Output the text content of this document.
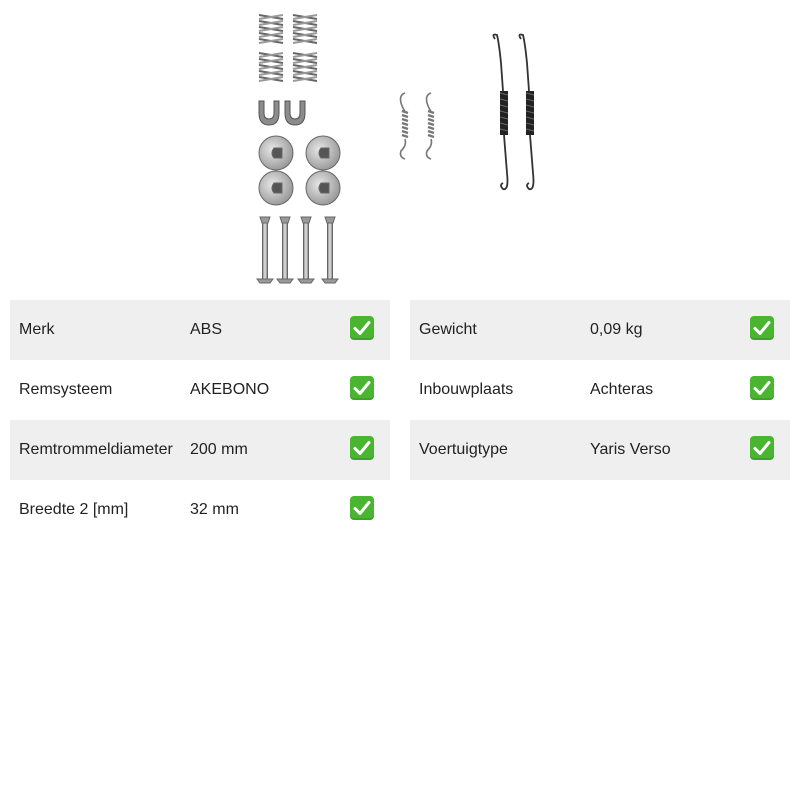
Merk	ABS
Remsysteem	AKEBONO
Remtrommeldiameter 200 mm
Breedte 2 [mm]	32 mm
Gewicht	0,09 kg
Inbouwplaats	Achteras
Voertuigtype	Yaris Verso
